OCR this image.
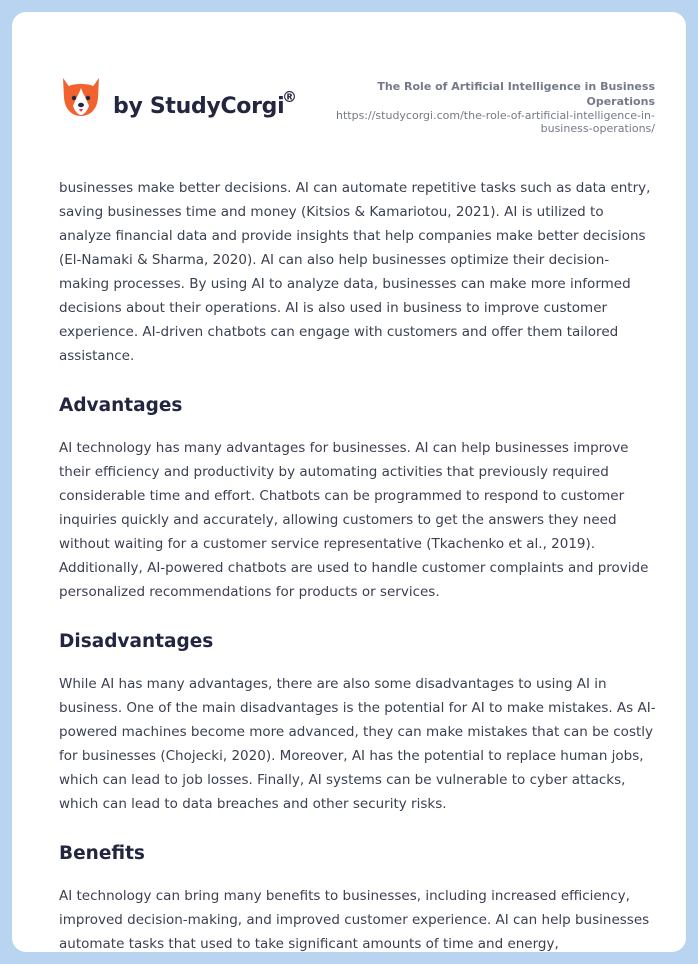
by StudyCorgi
®
The Role of Artificial Intelligence in Business Operations
https://studycorgi.com/the-role-of-artificial-intelligence-in-business-operations/

businesses make better decisions. AI can automate repetitive tasks such as data entry, saving businesses time and money (Kitsios & Kamariotou, 2021). AI is utilized to analyze financial data and provide insights that help companies make better decisions (El-Namaki & Sharma, 2020). AI can also help businesses optimize their decision-making processes. By using AI to analyze data, businesses can make more informed decisions about their operations. AI is also used in business to improve customer experience. AI-driven chatbots can engage with customers and offer them tailored assistance.

Advantages

AI technology has many advantages for businesses. AI can help businesses improve their efficiency and productivity by automating activities that previously required considerable time and effort. Chatbots can be programmed to respond to customer inquiries quickly and accurately, allowing customers to get the answers they need without waiting for a customer service representative (Tkachenko et al., 2019). Additionally, AI-powered chatbots are used to handle customer complaints and provide personalized recommendations for products or services.

Disadvantages

While AI has many advantages, there are also some disadvantages to using AI in business. One of the main disadvantages is the potential for AI to make mistakes. As AI-powered machines become more advanced, they can make mistakes that can be costly for businesses (Chojecki, 2020). Moreover, AI has the potential to replace human jobs, which can lead to job losses. Finally, AI systems can be vulnerable to cyber attacks, which can lead to data breaches and other security risks.

Benefits

AI technology can bring many benefits to businesses, including increased efficiency, improved decision-making, and improved customer experience. AI can help businesses automate tasks that used to take significant amounts of time and energy,
